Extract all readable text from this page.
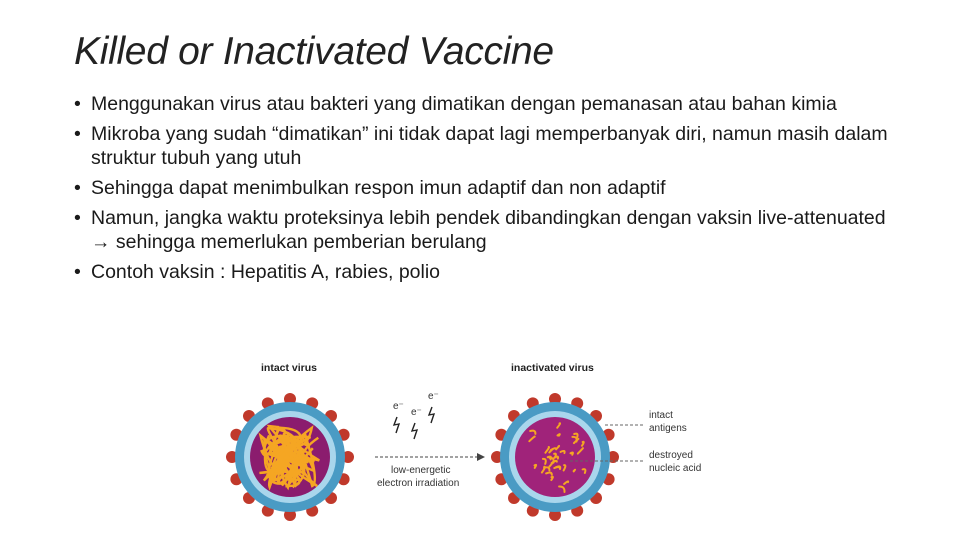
Killed or Inactivated Vaccine
• Menggunakan virus atau bakteri yang dimatikan dengan pemanasan atau bahan kimia
• Mikroba yang sudah “dimatikan” ini tidak dapat lagi memperbanyak diri, namun masih dalam struktur tubuh yang utuh
• Sehingga dapat menimbulkan respon imun adaptif dan non adaptif
• Namun, jangka waktu proteksinya lebih pendek dibandingkan dengan vaksin live-attenuated → sehingga memerlukan pemberian berulang
• Contoh vaksin : Hepatitis A, rabies, polio
intact virus	inactivated virus
e⁻
e⁻
e⁻
low-energetic
electron irradiation
intact
antigens
destroyed
nucleic acid
